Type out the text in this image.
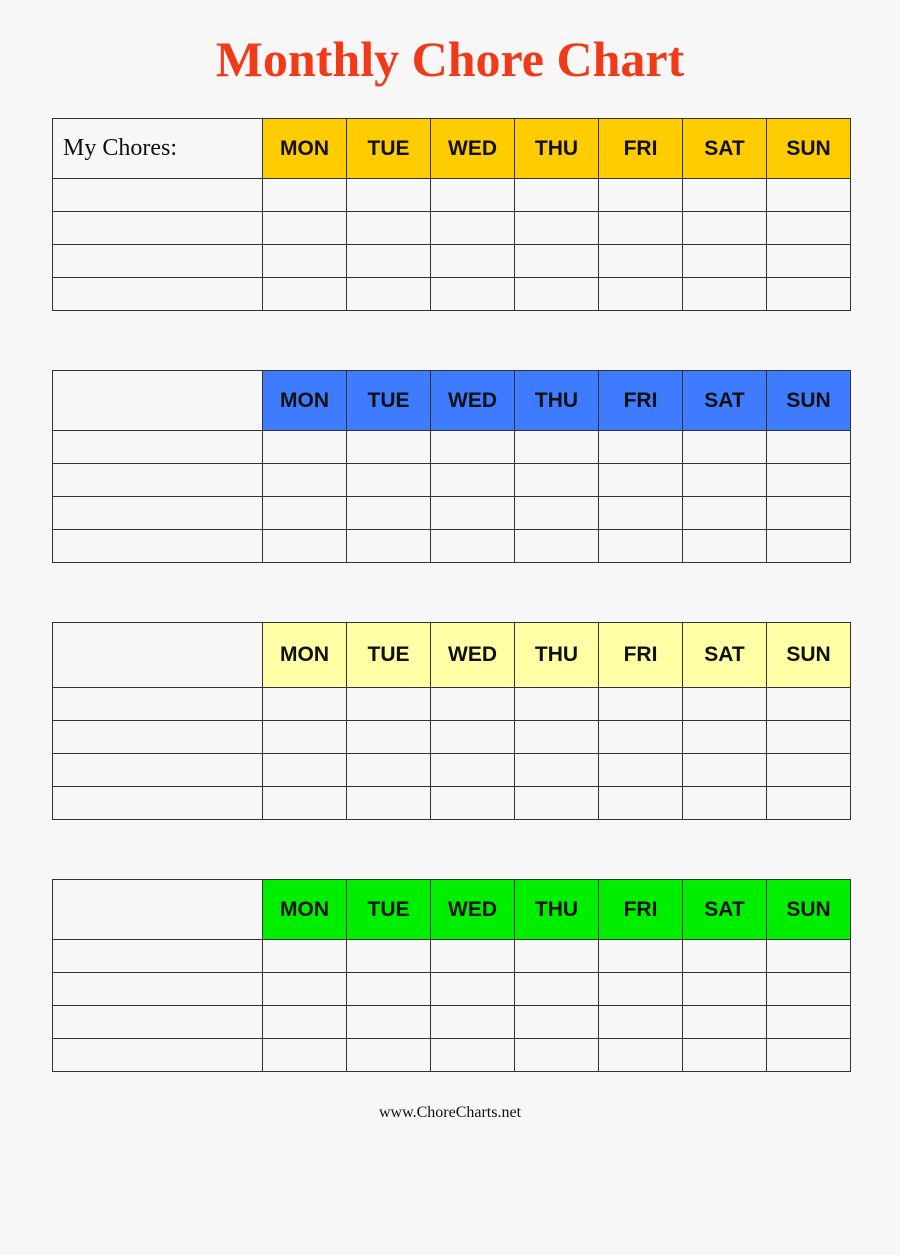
Monthly Chore Chart
My Chores:	MON	TUE	WED	THU	FRI	SAT	SUN

	MON	TUE	WED	THU	FRI	SAT	SUN

	MON	TUE	WED	THU	FRI	SAT	SUN

	MON	TUE	WED	THU	FRI	SAT	SUN

www.ChoreCharts.net
